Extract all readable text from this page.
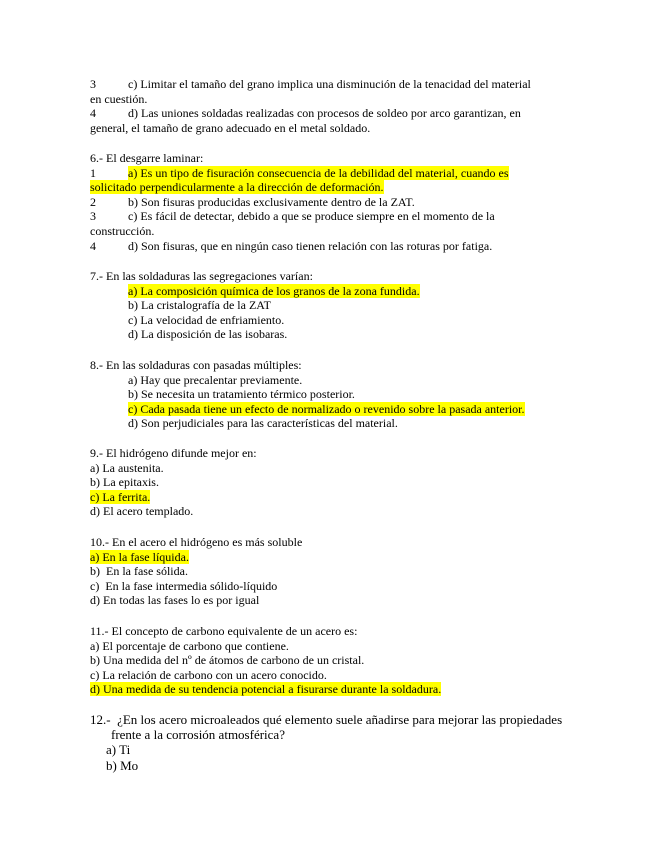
3	c) Limitar el tamaño del grano implica una disminución de la tenacidad del material
en cuestión.
4	d) Las uniones soldadas realizadas con procesos de soldeo por arco garantizan, en
general, el tamaño de grano adecuado en el metal soldado.
6.- El desgarre laminar:
1	a) Es un tipo de fisuración consecuencia de la debilidad del material, cuando es
solicitado perpendicularmente a la dirección de deformación.
2	b) Son fisuras producidas exclusivamente dentro de la ZAT.
3	c) Es fácil de detectar, debido a que se produce siempre en el momento de la
construcción.
4	d) Son fisuras, que en ningún caso tienen relación con las roturas por fatiga.
7.- En las soldaduras las segregaciones varían:
a) La composición química de los granos de la zona fundida.
b) La cristalografía de la ZAT
c) La velocidad de enfriamiento.
d) La disposición de las isobaras.
8.- En las soldaduras con pasadas múltiples:
a) Hay que precalentar previamente.
b) Se necesita un tratamiento térmico posterior.
c) Cada pasada tiene un efecto de normalizado o revenido sobre la pasada anterior.
d) Son perjudiciales para las características del material.
9.- El hidrógeno difunde mejor en:
a) La austenita.
b) La epitaxis.
c) La ferrita.
d) El acero templado.
10.- En el acero el hidrógeno es más soluble
a) En la fase líquida.
b)  En la fase sólida.
c)  En la fase intermedia sólido-líquido
d) En todas las fases lo es por igual
11.- El concepto de carbono equivalente de un acero es:
a) El porcentaje de carbono que contiene.
b) Una medida del nº de átomos de carbono de un cristal.
c) La relación de carbono con un acero conocido.
d) Una medida de su tendencia potencial a fisurarse durante la soldadura.
12.-  ¿En los acero microaleados qué elemento suele añadirse para mejorar las propiedades
frente a la corrosión atmosférica?
a) Ti
b) Mo
